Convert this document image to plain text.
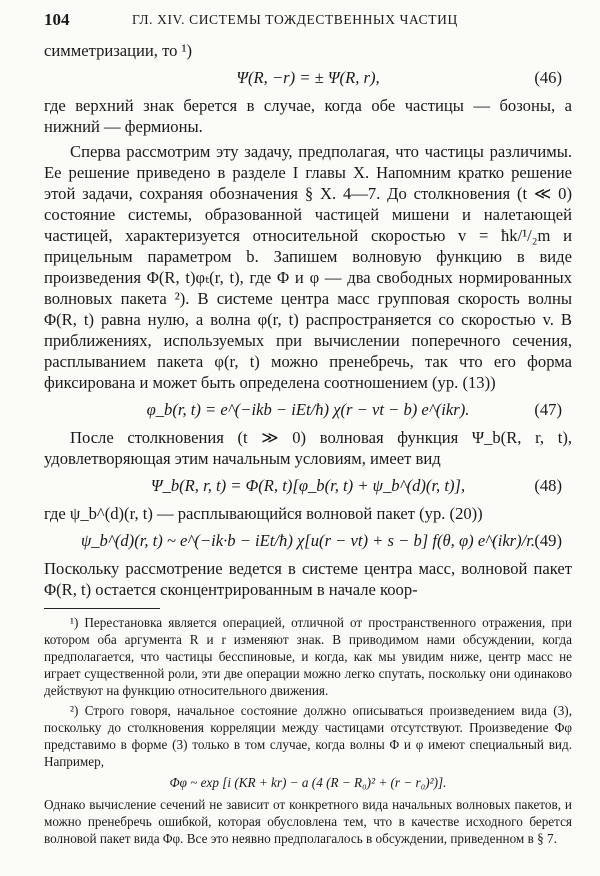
104	ГЛ. XIV. СИСТЕМЫ ТОЖДЕСТВЕННЫХ ЧАСТИЦ

симметризации, то ¹)

Ψ(R, −r) = ± Ψ(R, r),	(46)

где верхний знак берется в случае, когда обе частицы — бозоны, а нижний — фермионы.

Сперва рассмотрим эту задачу, предполагая, что частицы различимы. Ее решение приведено в разделе I главы X. Напомним кратко решение этой задачи, сохраняя обозначения § X. 4—7. До столкновения (t ≪ 0) состояние системы, образованной частицей мишени и налетающей частицей, характеризуется относительной скоростью v = ħk/¹/₂m и прицельным параметром b. Запишем волновую функцию в виде произведения Φ(R, t)φₜ(r, t), где Φ и φ — два свободных нормированных волновых пакета ²). В системе центра масс групповая скорость волны Φ(R, t) равна нулю, а волна φ(r, t) распространяется со скоростью v. В приближениях, используемых при вычислении поперечного сечения, расплыванием пакета φ(r, t) можно пренебречь, так что его форма фиксирована и может быть определена соотношением (ур. (13))

φ_b(r, t) = e^(−ikb − iEt/ħ) χ(r − vt − b) e^(ikr).	(47)

После столкновения (t ≫ 0) волновая функция Ψ_b(R, r, t), удовлетворяющая этим начальным условиям, имеет вид

Ψ_b(R, r, t) = Φ(R, t)[φ_b(r, t) + ψ_b^(d)(r, t)],	(48)

где ψ_b^(d)(r, t) — расплывающийся волновой пакет (ур. (20))

ψ_b^(d)(r, t) ~ e^(−ik·b − iEt/ħ) χ[u(r − vt) + s − b] f(θ, φ) e^(ikr)/r. (49)

Поскольку рассмотрение ведется в системе центра масс, волновой пакет Φ(R, t) остается сконцентрированным в начале коор-

¹) Перестановка является операцией, отличной от пространственного отражения, при котором оба аргумента R и r изменяют знак. В приводимом нами обсуждении, когда предполагается, что частицы бесспиновые, и когда, как мы увидим ниже, центр масс не играет существенной роли, эти две операции можно легко спутать, поскольку они одинаково действуют на функцию относительного движения.

²) Строго говоря, начальное состояние должно описываться произведением вида (3), поскольку до столкновения корреляции между частицами отсутствуют. Произведение Φφ представимо в форме (3) только в том случае, когда волны Φ и φ имеют специальный вид. Например,

Φφ ~ exp [i (KR + kr) − a (4 (R − R₀)² + (r − r₀)²)].

Однако вычисление сечений не зависит от конкретного вида начальных волновых пакетов, и можно пренебречь ошибкой, которая обусловлена тем, что в качестве исходного берется волновой пакет вида Φφ. Все это неявно предполагалось в обсуждении, приведенном в § 7.
